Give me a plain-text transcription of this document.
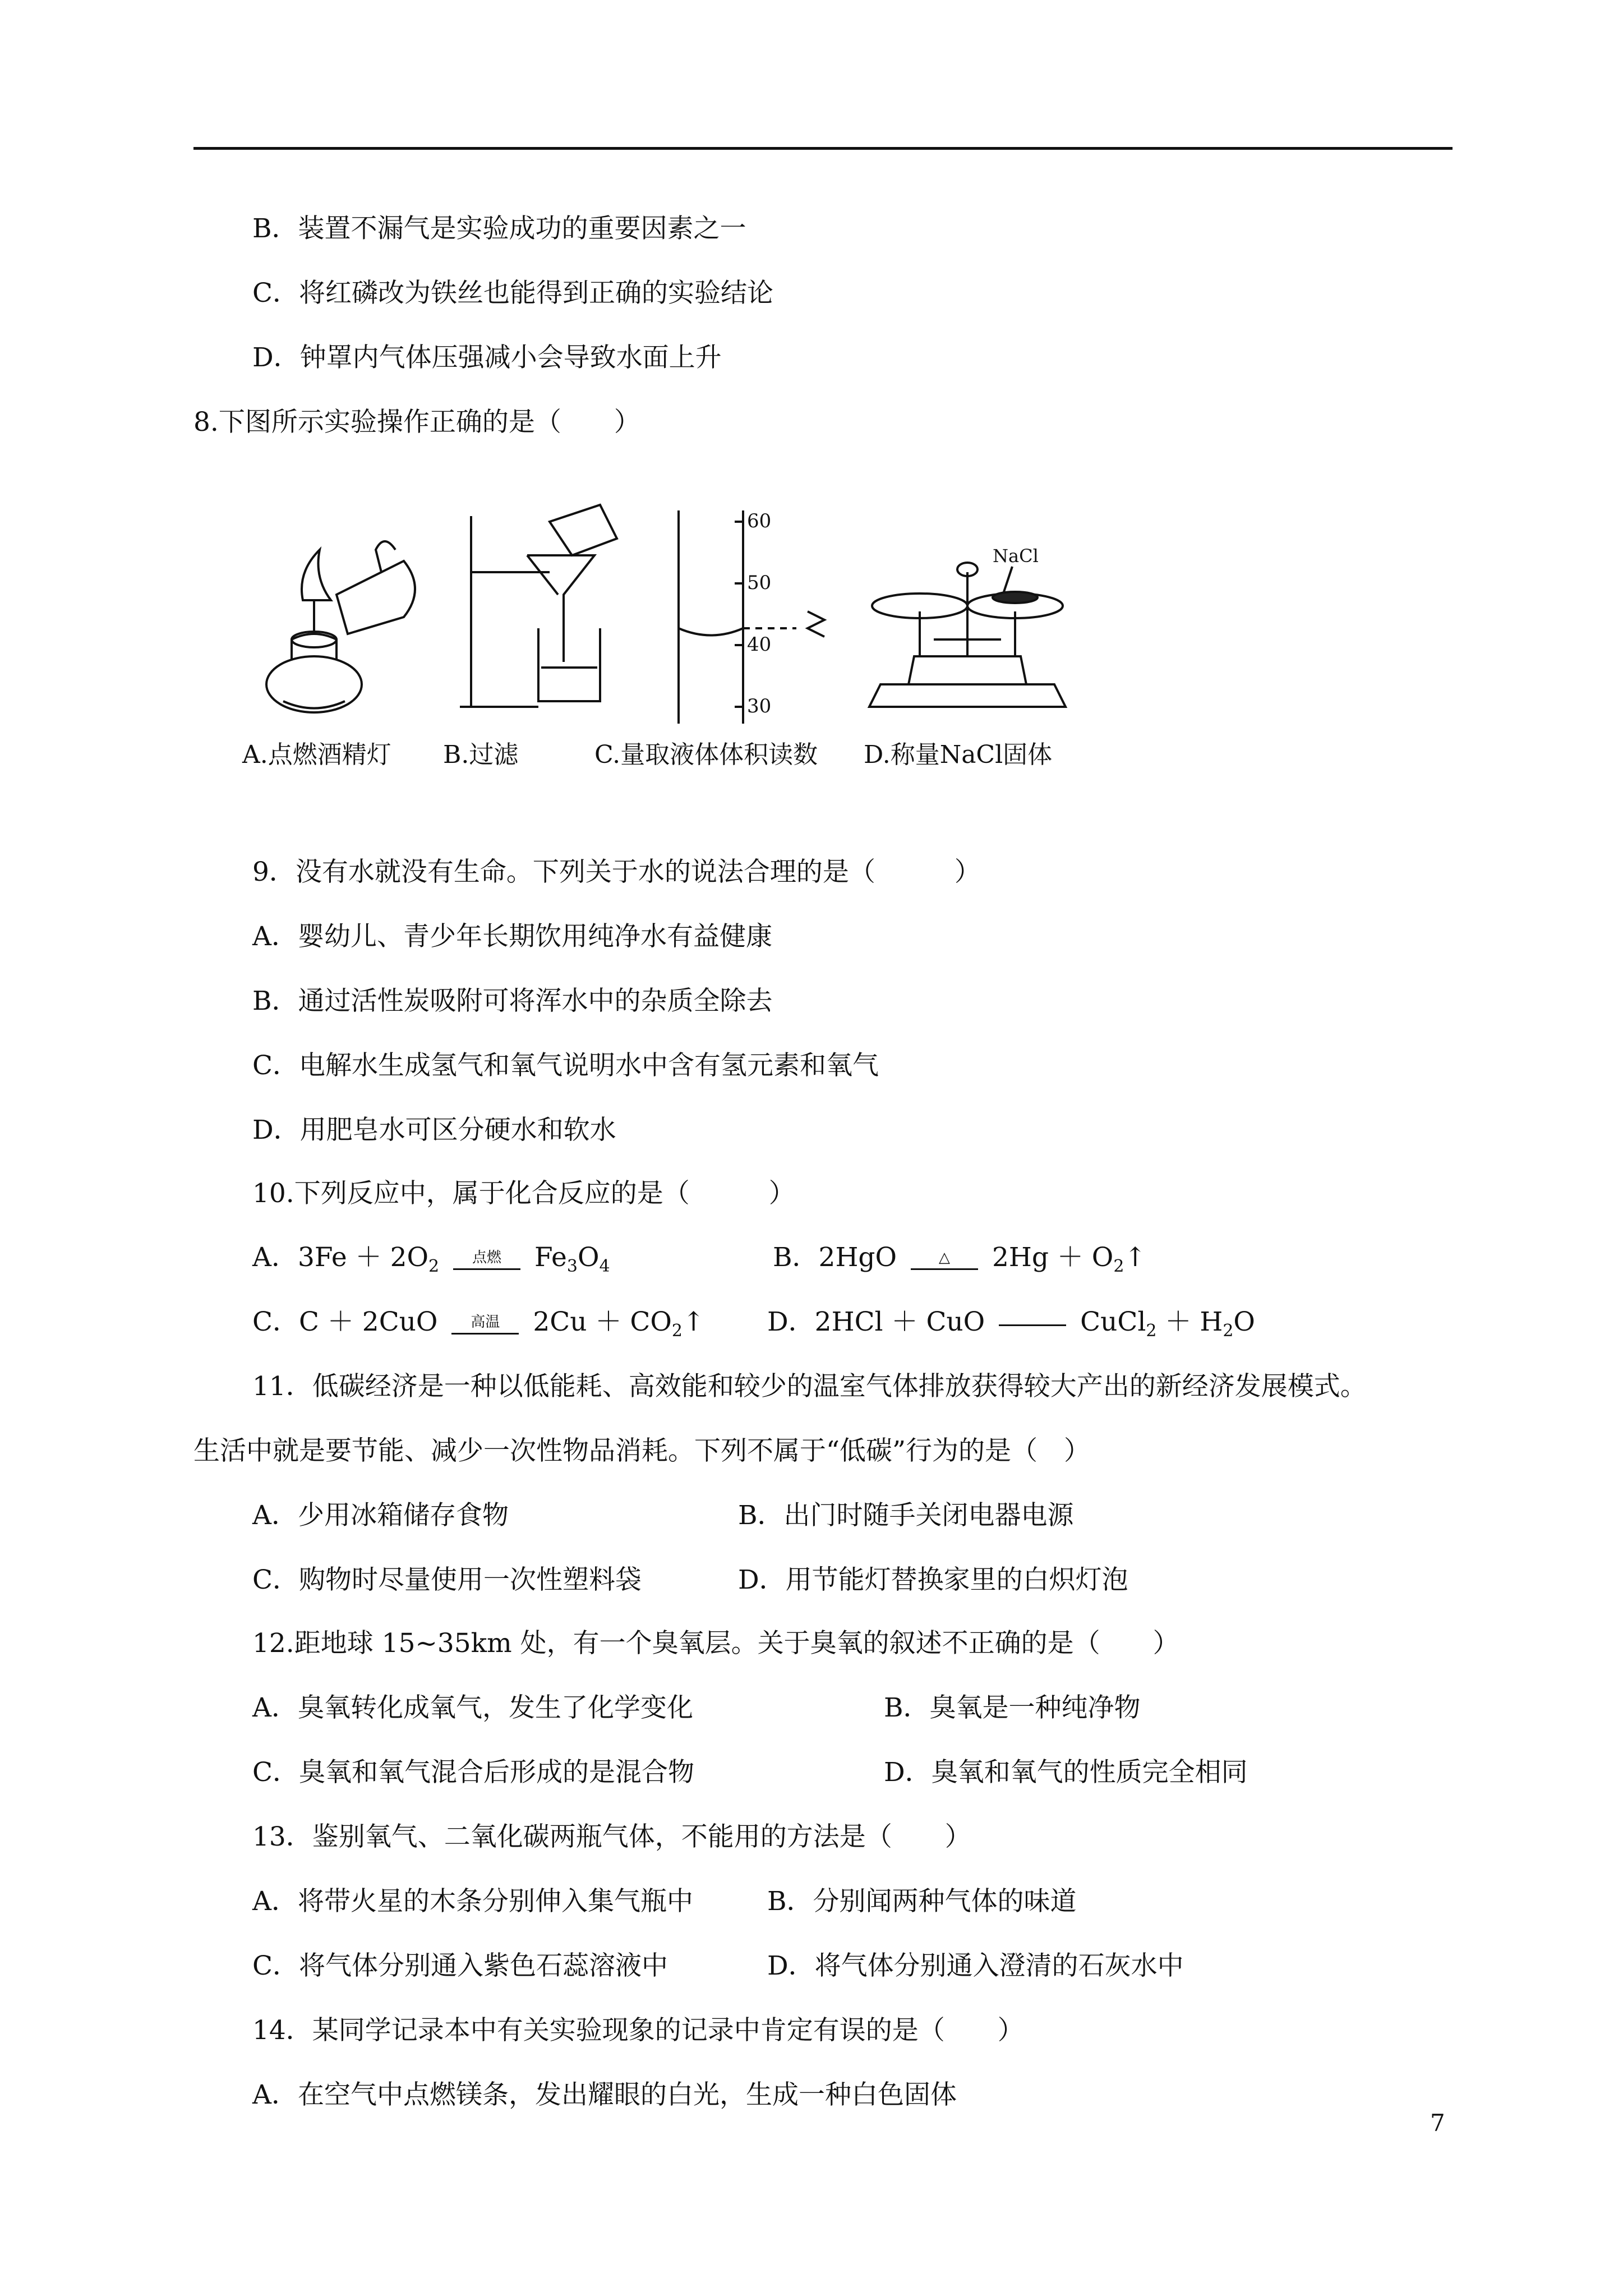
B．装置不漏气是实验成功的重要因素之一
C．将红磷改为铁丝也能得到正确的实验结论
D．钟罩内气体压强减小会导致水面上升
8.下图所示实验操作正确的是（　　）
60
50
40
30
NaCl
A.点燃酒精灯 B.过滤	C.量取液体体积读数 D.称量NaCl固体
9．没有水就没有生命。下列关于水的说法合理的是（　　　）
A．婴幼儿、青少年长期饮用纯净水有益健康
B．通过活性炭吸附可将浑水中的杂质全除去
C．电解水生成氢气和氧气说明水中含有氢元素和氧气
D．用肥皂水可区分硬水和软水
10.下列反应中，属于化合反应的是（　　　）
A．$3Fe + 2O_2$	点燃	$Fe_3O_4$	B．2HgO	△	$2Hg + O_2↑$
C．C ＋ 2CuO	高温	$2Cu + CO_2↑$ D．2HCl ＋ CuO	CuCl$_2$ ＋ $H_2O$
11．低碳经济是一种以低能耗、高效能和较少的温室气体排放获得较大产出的新经济发展模式。
生活中就是要节能、减少一次性物品消耗。下列不属于“低碳”行为的是（　）
A．少用冰箱储存食物	B．出门时随手关闭电器电源
C．购物时尽量使用一次性塑料袋	D．用节能灯替换家里的白炽灯泡
12.距地球 15~35km 处，有一个臭氧层。关于臭氧的叙述不正确的是（　　）
A．臭氧转化成氧气，发生了化学变化	B．臭氧是一种纯净物
C．臭氧和氧气混合后形成的是混合物	D．臭氧和氧气的性质完全相同
13．鉴别氧气、二氧化碳两瓶气体，不能用的方法是（　　）
A．将带火星的木条分别伸入集气瓶中	B．分别闻两种气体的味道
C．将气体分别通入紫色石蕊溶液中	D．将气体分别通入澄清的石灰水中
14．某同学记录本中有关实验现象的记录中肯定有误的是（　　）
A．在空气中点燃镁条，发出耀眼的白光，生成一种白色固体
7
